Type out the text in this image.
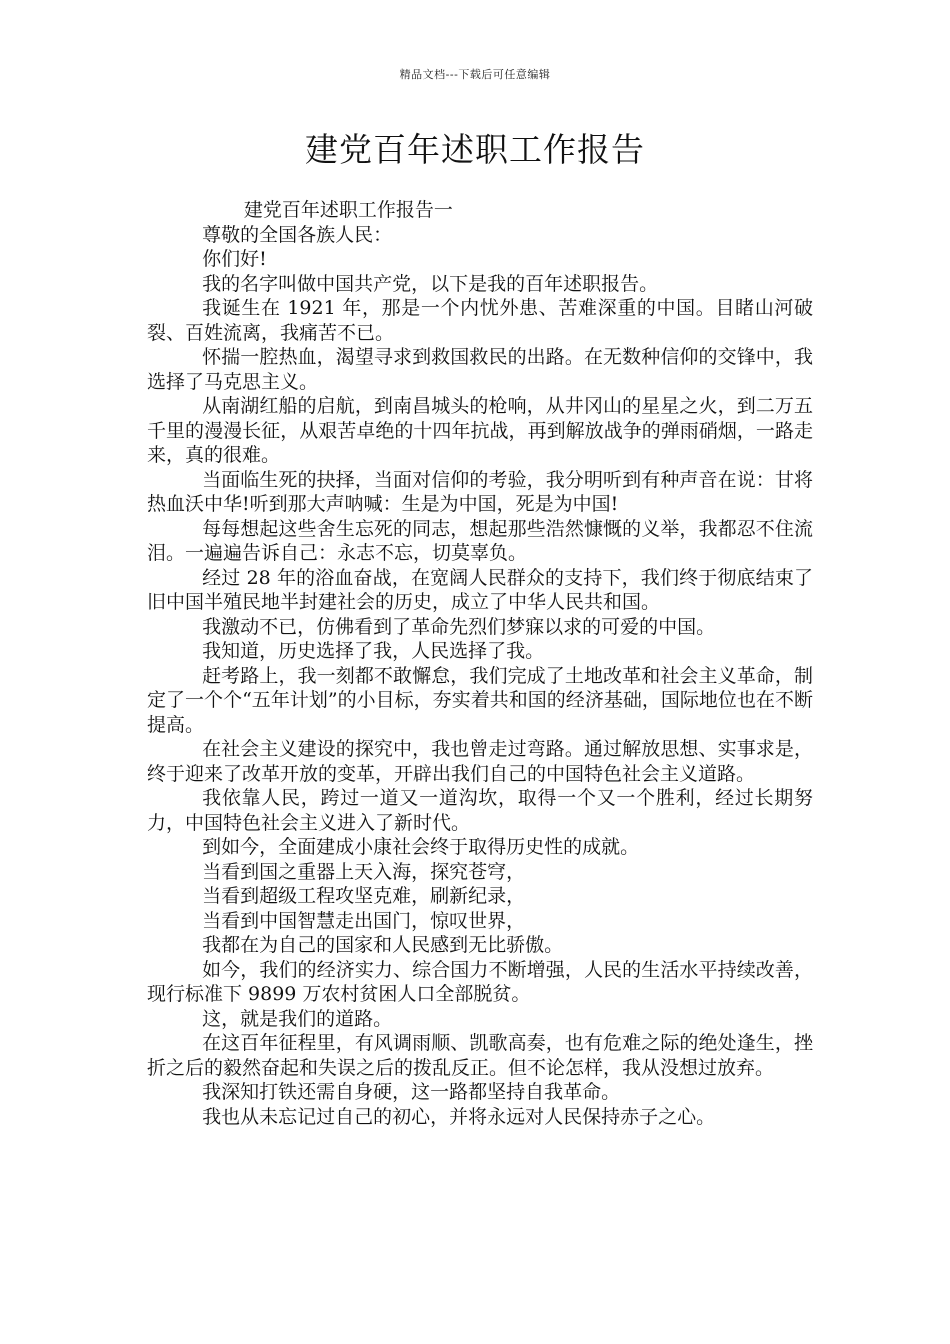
精品文档---下载后可任意编辑
建党百年述职工作报告

建党百年述职工作报告一

尊敬的全国各族人民：

你们好!

我的名字叫做中国共产党，以下是我的百年述职报告。

我诞生在 1921 年，那是一个内忧外患、苦难深重的中国。目睹山河破裂、百姓流离，我痛苦不已。

怀揣一腔热血，渴望寻求到救国救民的出路。在无数种信仰的交锋中，我选择了马克思主义。

从南湖红船的启航，到南昌城头的枪响，从井冈山的星星之火，到二万五千里的漫漫长征，从艰苦卓绝的十四年抗战，再到解放战争的弹雨硝烟，一路走来，真的很难。

当面临生死的抉择，当面对信仰的考验，我分明听到有种声音在说：甘将热血沃中华!听到那大声呐喊：生是为中国，死是为中国!

每每想起这些舍生忘死的同志，想起那些浩然慷慨的义举，我都忍不住流泪。一遍遍告诉自己：永志不忘，切莫辜负。

经过 28 年的浴血奋战，在宽阔人民群众的支持下，我们终于彻底结束了旧中国半殖民地半封建社会的历史，成立了中华人民共和国。

我激动不已，仿佛看到了革命先烈们梦寐以求的可爱的中国。

我知道，历史选择了我，人民选择了我。

赶考路上，我一刻都不敢懈怠，我们完成了土地改革和社会主义革命，制定了一个个“五年计划”的小目标，夯实着共和国的经济基础，国际地位也在不断提高。

在社会主义建设的探究中，我也曾走过弯路。通过解放思想、实事求是，终于迎来了改革开放的变革，开辟出我们自己的中国特色社会主义道路。

我依靠人民，跨过一道又一道沟坎，取得一个又一个胜利，经过长期努力，中国特色社会主义进入了新时代。

到如今，全面建成小康社会终于取得历史性的成就。

当看到国之重器上天入海，探究苍穹，

当看到超级工程攻坚克难，刷新纪录，

当看到中国智慧走出国门，惊叹世界，

我都在为自己的国家和人民感到无比骄傲。

如今，我们的经济实力、综合国力不断增强，人民的生活水平持续改善，现行标准下 9899 万农村贫困人口全部脱贫。

这，就是我们的道路。

在这百年征程里，有风调雨顺、凯歌高奏，也有危难之际的绝处逢生，挫折之后的毅然奋起和失误之后的拨乱反正。但不论怎样，我从没想过放弃。

我深知打铁还需自身硬，这一路都坚持自我革命。

我也从未忘记过自己的初心，并将永远对人民保持赤子之心。
